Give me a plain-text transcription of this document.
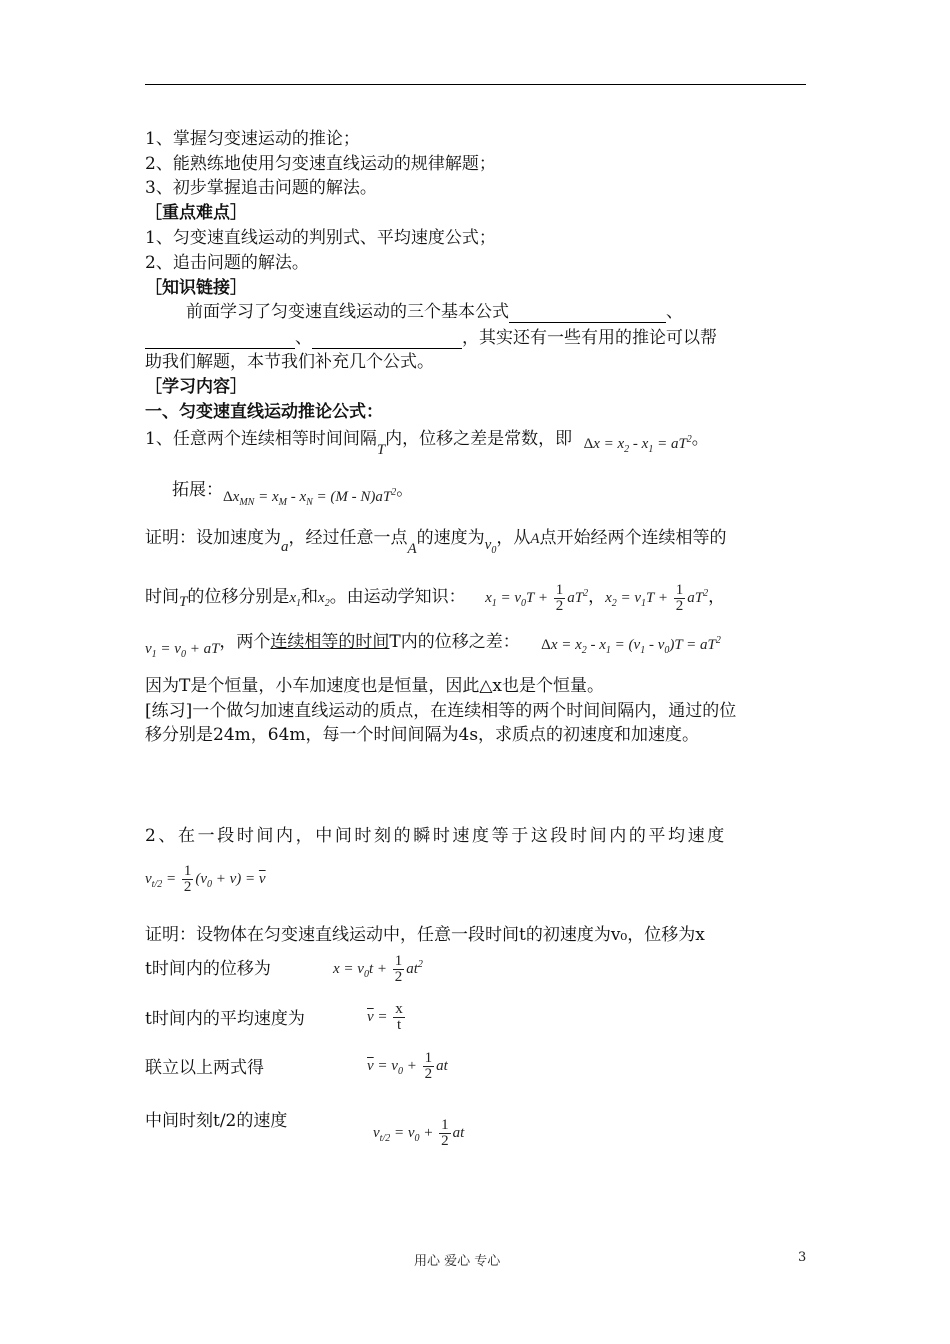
1、掌握匀变速运动的推论；
2、能熟练地使用匀变速直线运动的规律解题；
3、初步掌握追击问题的解法。
［重点难点］
1、匀变速直线运动的判别式、平均速度公式；
2、追击问题的解法。
［知识链接］
前面学习了匀变速直线运动的三个基本公式	、
、	，其实还有一些有用的推论可以帮
助我们解题，本节我们补充几个公式。
［学习内容］
一、匀变速直线运动推论公式：
1、任意两个连续相等时间间隔T内，位移之差是常数，即 $\Delta x = x_2 - x_1 = aT^2$。
拓展：$\Delta x_{MN} = x_M - x_N = (M - N)aT^2$。
证明：设加速度为a，经过任意一点A的速度为$v_0$，从A点开始经两个连续相等的
时间T的位移分别是$x_1$和$x_2$。由运动学知识： $x_1 = v_0T + \frac{1}{2} aT^2$，$x_2 = v_1T + \frac{1}{2} aT^2$，
$v_1 = v_0$ + aT，两个连续相等的时间T内的位移之差： $\Delta x = x_2 - x_1 = (v_1 - v_0)T = aT^2$
因为T是个恒量，小车加速度也是恒量，因此△x也是个恒量。
[练习]一个做匀加速直线运动的质点，在连续相等的两个时间间隔内，通过的位
移分别是24m，64m，每一个时间间隔为4s，求质点的初速度和加速度。
2、在一段时间内，中间时刻的瞬时速度等于这段时间内的平均速度
$v_{t/2} = \frac{1}{2} (v_0 + v) = \overline{v}$
证明：设物体在匀变速直线运动中，任意一段时间t的初速度为v₀，位移为x
t时间内的位移为	$x = v_0t + \frac{1}{2} at^2$
t时间内的平均速度为	$\overline{v} = \frac{x}{t}$
联立以上两式得	$\overline{v} = v_0 + \frac{1}{2}$ at
中间时刻t/2的速度
$v_{t/2} = v_0 + \frac{1}{2}$ at
用心 爱心 专心	3
